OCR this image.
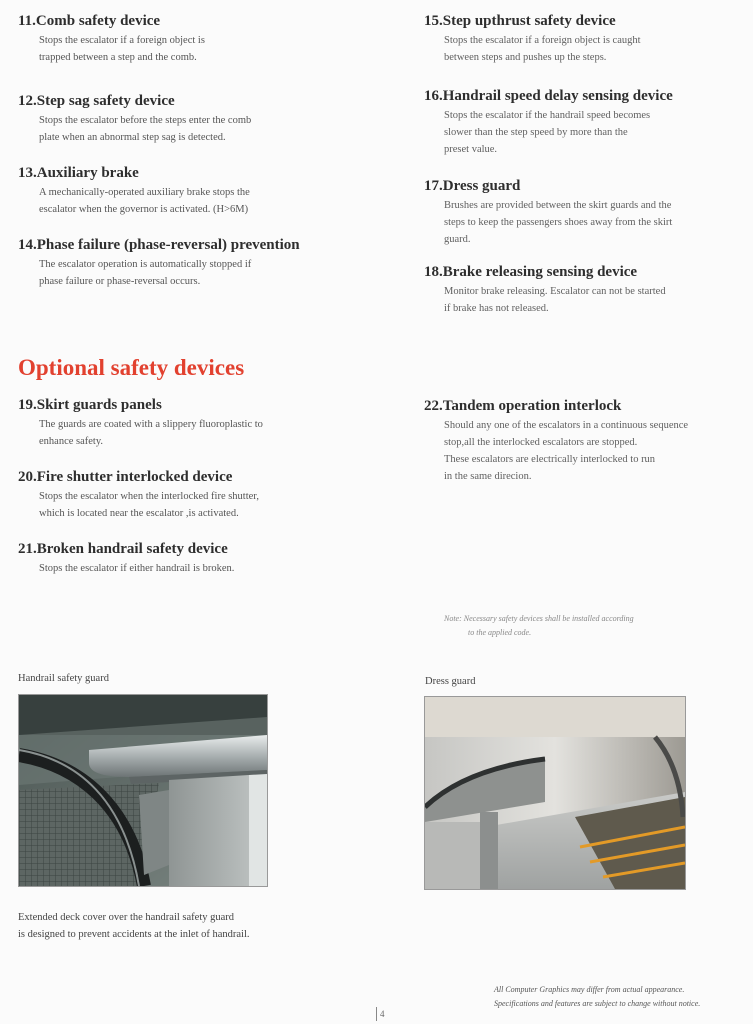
11.Comb safety device

Stops the escalator if a foreign object is
trapped between a step and the comb.

12.Step sag safety device

Stops the escalator before the steps enter the comb
plate when an abnormal step sag is detected.

13.Auxiliary brake

A mechanically-operated auxiliary brake stops the
escalator when the governor is activated. (H>6M)

14.Phase failure (phase-reversal) prevention

The escalator operation is automatically stopped if
phase failure or phase-reversal occurs.

15.Step upthrust safety device

Stops the escalator if a foreign object is caught
between steps and pushes up the steps.

16.Handrail speed delay sensing device

Stops the escalator if the handrail speed becomes
slower than the step speed by more than the
preset value.

17.Dress guard

Brushes are provided between the skirt guards and the
steps to keep the passengers shoes away from the skirt
guard.

18.Brake releasing sensing device

Monitor brake releasing. Escalator can not be started
if brake has not released.

Optional safety devices
19.Skirt guards panels

The guards are coated with a slippery fluoroplastic to
enhance safety.

20.Fire shutter interlocked device

Stops the escalator when the interlocked fire shutter,
which is located near the escalator ,is activated.

21.Broken handrail safety device

Stops the escalator if either handrail is broken.

22.Tandem operation interlock

Should any one of the escalators in a continuous sequence
stop,all the interlocked escalators are stopped.
These escalators are electrically interlocked to run
in the same direcion.

Note: Necessary safety devices shall be installed according
to the applied code.
Handrail safety guard	Dress guard
Extended deck cover over the handrail safety guard
is designed to prevent accidents at the inlet of handrail.
All Computer Graphics may differ from actual appearance.
Specifications and features are subject to change without notice.
4
